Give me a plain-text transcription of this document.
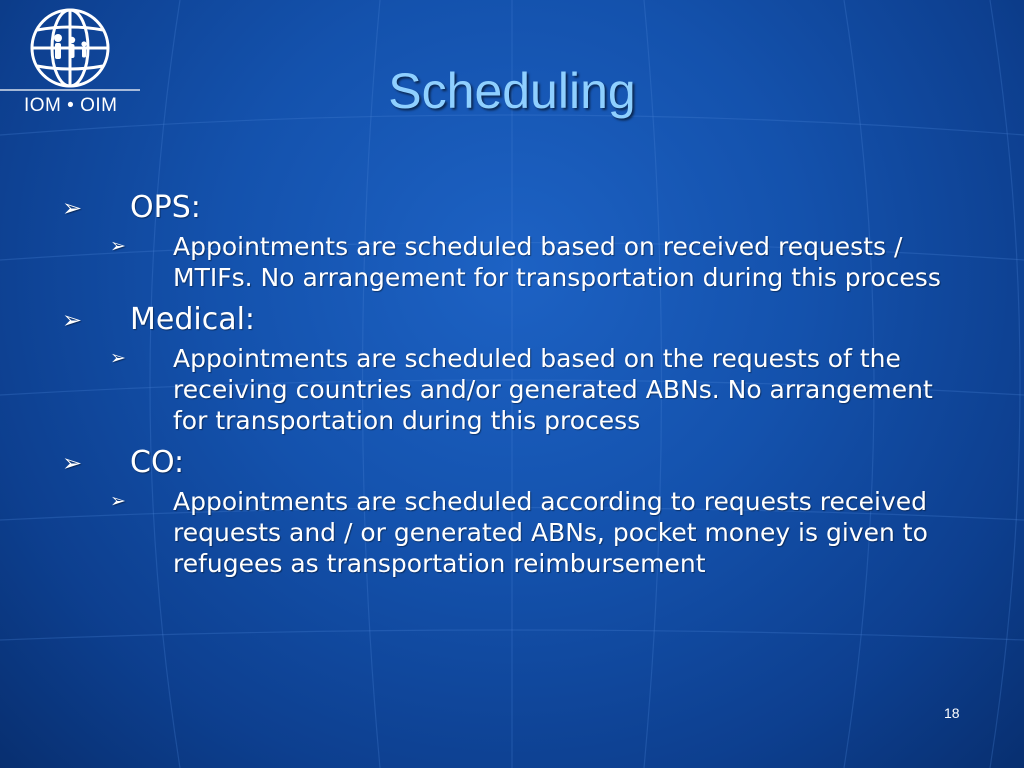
IOM • OIM	Scheduling
➢ OPS:
➢ Appointments are scheduled based on received requests / MTIFs. No arrangement for transportation during this process
➢ Medical:
➢ Appointments are scheduled based on the requests of the receiving countries and/or generated ABNs. No arrangement for transportation during this process
➢ CO:
➢ Appointments are scheduled according to requests received requests and / or generated ABNs, pocket money is given to refugees as transportation reimbursement
18
